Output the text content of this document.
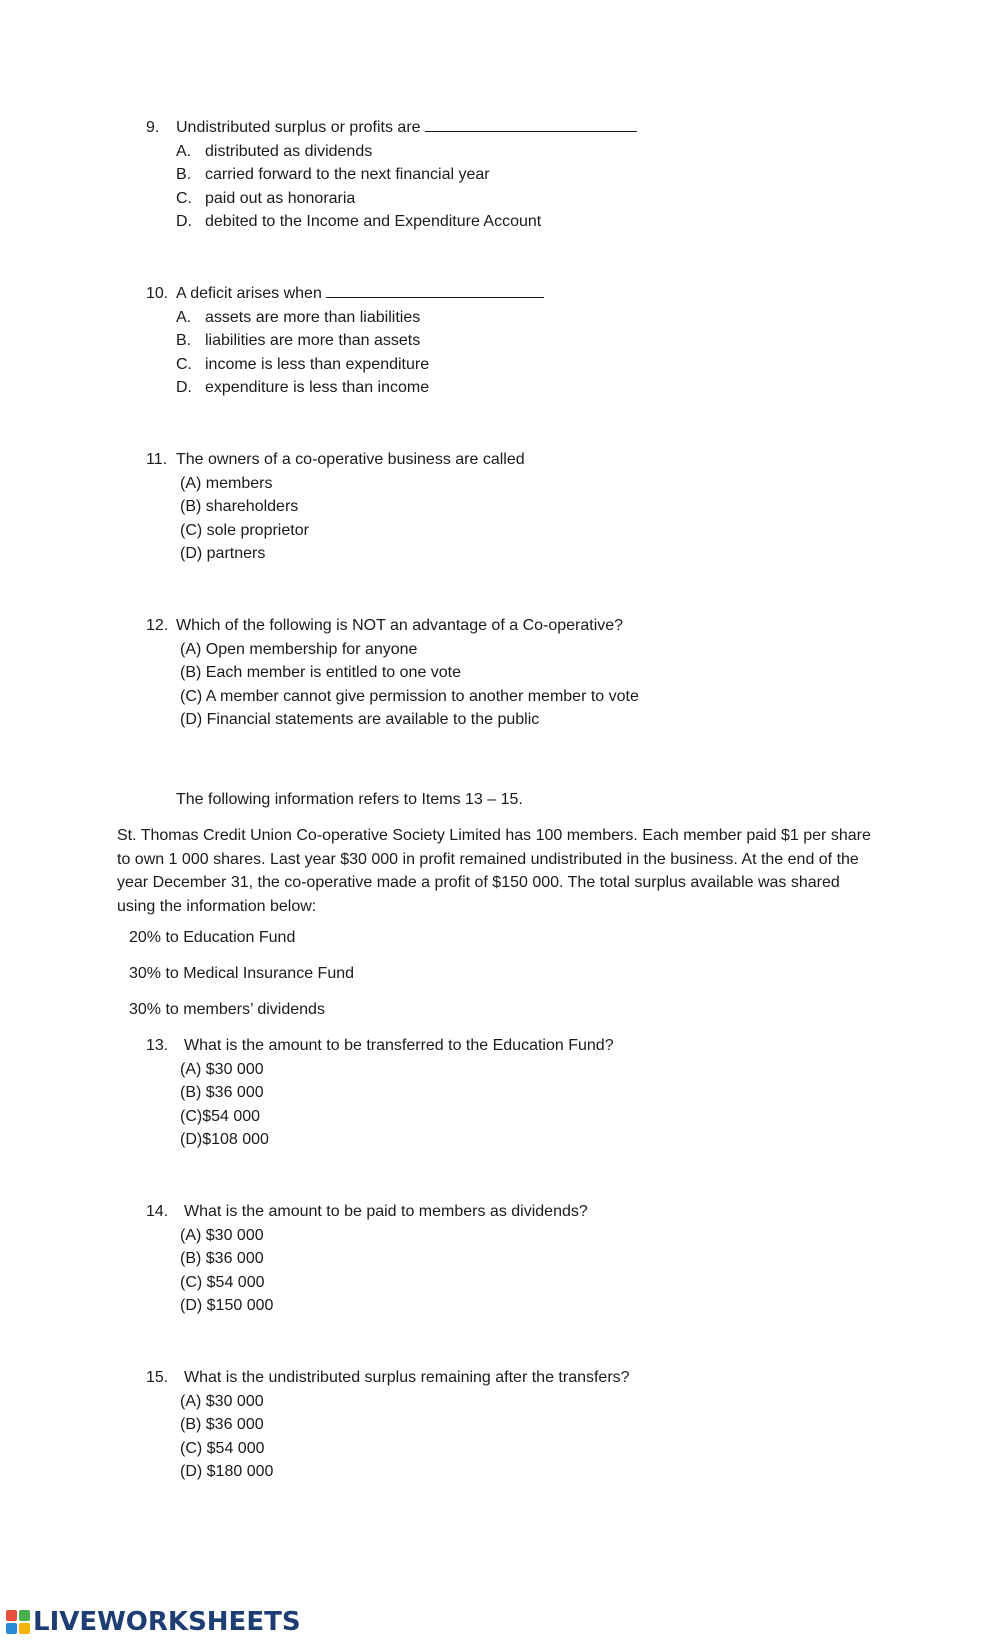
9. Undistributed surplus or profits are
A. distributed as dividends
B. carried forward to the next financial year
C. paid out as honoraria
D. debited to the Income and Expenditure Account
10. A deficit arises when
A. assets are more than liabilities
B. liabilities are more than assets
C. income is less than expenditure
D. expenditure is less than income
11. The owners of a co-operative business are called
(A) members
(B) shareholders
(C) sole proprietor
(D) partners
12. Which of the following is NOT an advantage of a Co-operative?
(A) Open membership for anyone
(B) Each member is entitled to one vote
(C) A member cannot give permission to another member to vote
(D) Financial statements are available to the public
The following information refers to Items 13 – 15.
St. Thomas Credit Union Co-operative Society Limited has 100 members. Each member paid $1 per share to own 1 000 shares. Last year $30 000 in profit remained undistributed in the business. At the end of the year December 31, the co-operative made a profit of $150 000. The total surplus available was shared using the information below:
20% to Education Fund
30% to Medical Insurance Fund
30% to members’ dividends
13. What is the amount to be transferred to the Education Fund?
(A) $30 000
(B) $36 000
(C)$54 000
(D)$108 000
14. What is the amount to be paid to members as dividends?
(A) $30 000
(B) $36 000
(C) $54 000
(D) $150 000
15. What is the undistributed surplus remaining after the transfers?
(A) $30 000
(B) $36 000
(C) $54 000
(D) $180 000
LIVEWORKSHEETS
